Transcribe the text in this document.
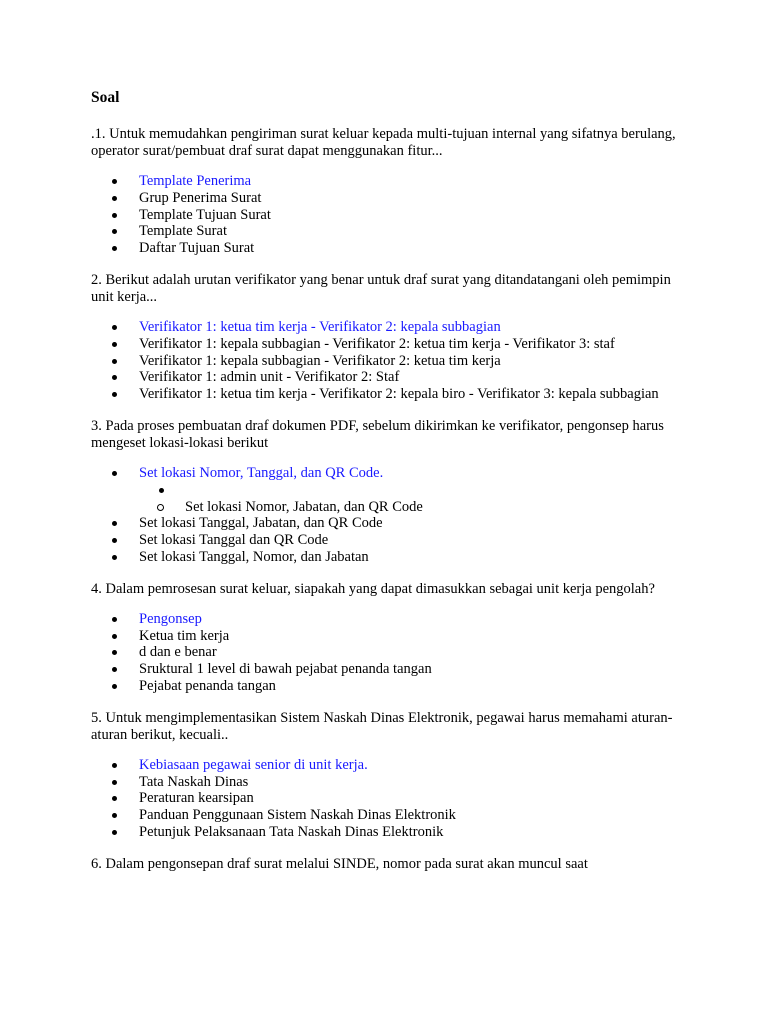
Soal
.1. Untuk memudahkan pengiriman surat keluar kepada multi-tujuan internal yang sifatnya berulang, operator surat/pembuat draf surat dapat menggunakan fitur...
Template Penerima
Grup Penerima Surat
Template Tujuan Surat
Template Surat
Daftar Tujuan Surat
2. Berikut adalah urutan verifikator yang benar untuk draf surat yang ditandatangani oleh pemimpin unit kerja...
Verifikator 1: ketua tim kerja - Verifikator 2: kepala subbagian
Verifikator 1: kepala subbagian - Verifikator 2: ketua tim kerja - Verifikator 3: staf
Verifikator 1: kepala subbagian - Verifikator 2: ketua tim kerja
Verifikator 1: admin unit - Verifikator 2: Staf
Verifikator 1: ketua tim kerja - Verifikator 2: kepala biro - Verifikator 3: kepala subbagian
3. Pada proses pembuatan draf dokumen PDF, sebelum dikirimkan ke verifikator, pengonsep harus mengeset lokasi-lokasi berikut
Set lokasi Nomor, Tanggal, dan QR Code.
Set lokasi Nomor, Jabatan, dan QR Code
Set lokasi Tanggal, Jabatan, dan QR Code
Set lokasi Tanggal dan QR Code
Set lokasi Tanggal, Nomor, dan Jabatan
4. Dalam pemrosesan surat keluar, siapakah yang dapat dimasukkan sebagai unit kerja pengolah?
Pengonsep
Ketua tim kerja
d dan e benar
Sruktural 1 level di bawah pejabat penanda tangan
Pejabat penanda tangan
5. Untuk mengimplementasikan Sistem Naskah Dinas Elektronik, pegawai harus memahami aturan-aturan berikut, kecuali..
Kebiasaan pegawai senior di unit kerja.
Tata Naskah Dinas
Peraturan kearsipan
Panduan Penggunaan Sistem Naskah Dinas Elektronik
Petunjuk Pelaksanaan Tata Naskah Dinas Elektronik
6. Dalam pengonsepan draf surat melalui SINDE, nomor pada surat akan muncul saat
